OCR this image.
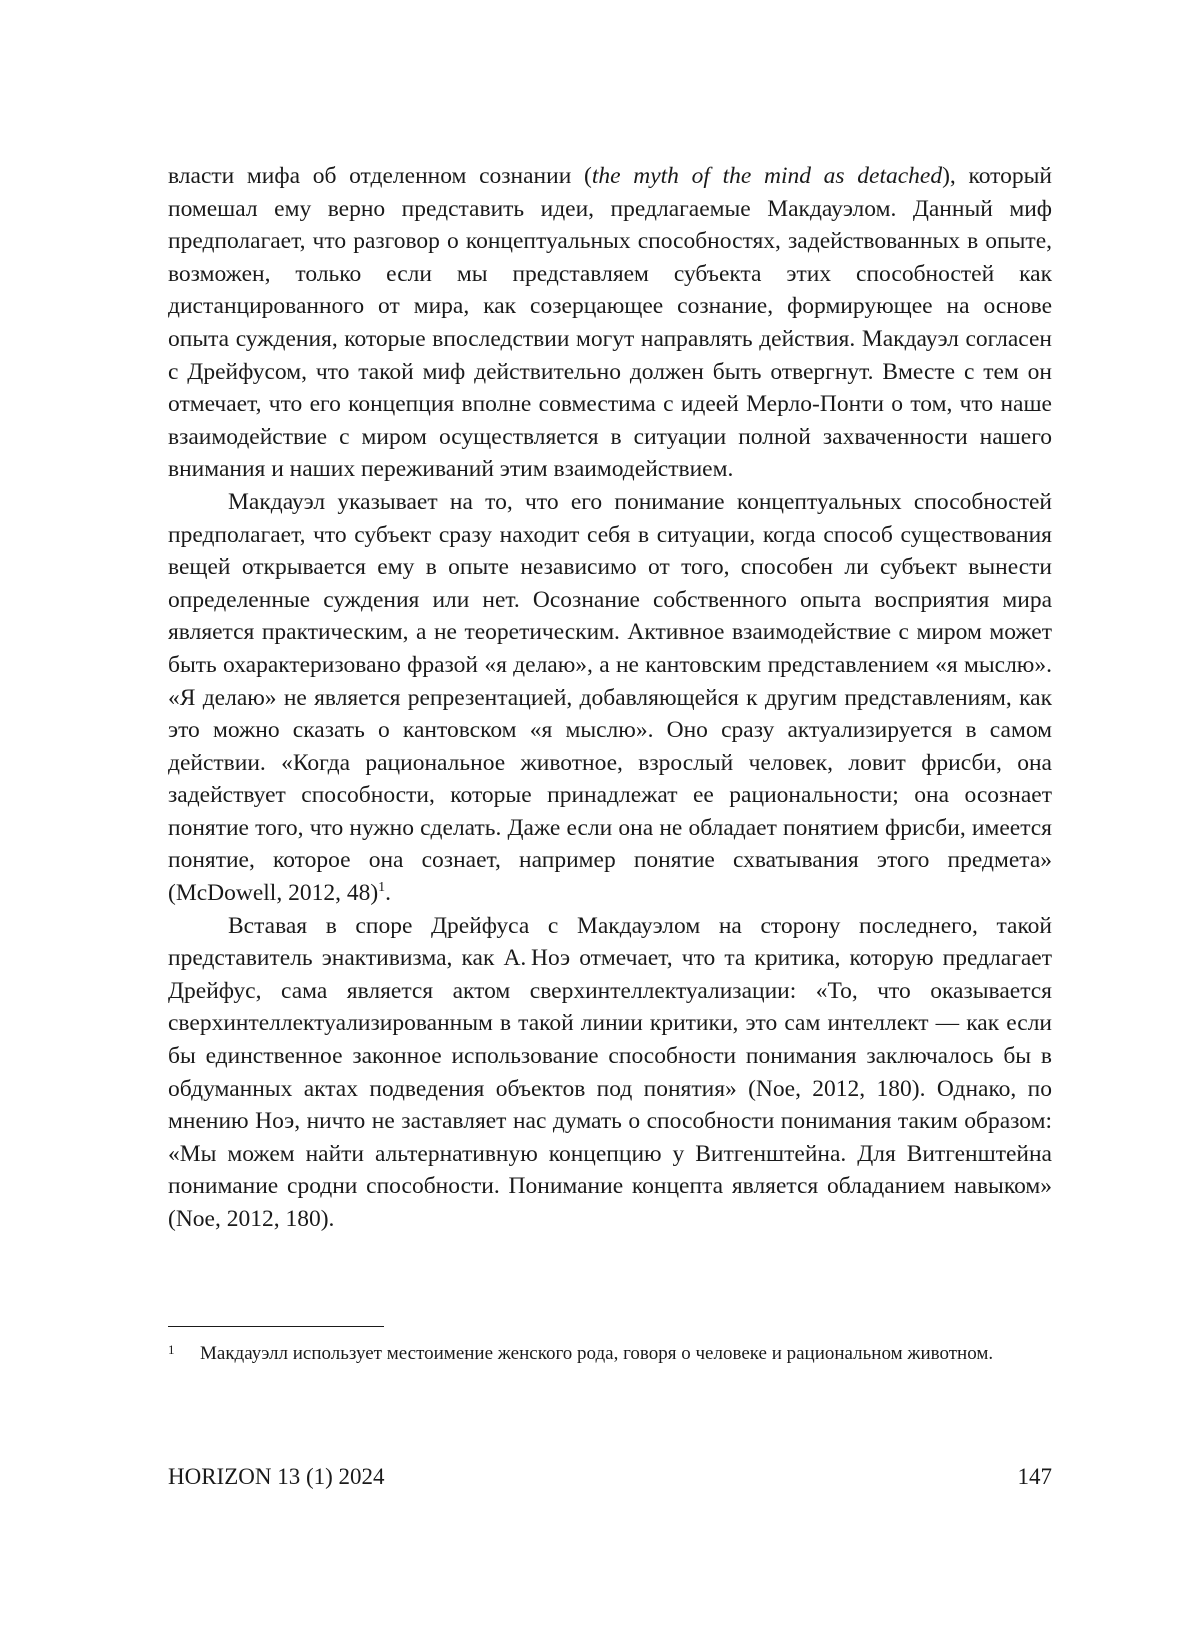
власти мифа об отделенном сознании (the myth of the mind as detached), который помешал ему верно представить идеи, предлагаемые Макдауэлом. Данный миф предполагает, что разговор о концептуальных способностях, задействованных в опыте, возможен, только если мы представляем субъекта этих способностей как дистанцированного от мира, как созерцающее сознание, формирующее на основе опыта суждения, которые впоследствии могут направлять действия. Макдауэл согласен с Дрейфусом, что такой миф действительно должен быть отвергнут. Вместе с тем он отмечает, что его концепция вполне совместима с идеей Мерло-Понти о том, что наше взаимодействие с миром осуществляется в ситуации полной захваченности нашего внимания и наших переживаний этим взаимодействием.

Макдауэл указывает на то, что его понимание концептуальных способностей предполагает, что субъект сразу находит себя в ситуации, когда способ существования вещей открывается ему в опыте независимо от того, способен ли субъект вынести определенные суждения или нет. Осознание собственного опыта восприятия мира является практическим, а не теоретическим. Активное взаимодействие с миром может быть охарактеризовано фразой «я делаю», а не кантовским представлением «я мыслю». «Я делаю» не является репрезентацией, добавляющейся к другим представлениям, как это можно сказать о кантовском «я мыслю». Оно сразу актуализируется в самом действии. «Когда рациональное животное, взрослый человек, ловит фрисби, она задействует способности, которые принадлежат ее рациональности; она осознает понятие того, что нужно сделать. Даже если она не обладает понятием фрисби, имеется понятие, которое она сознает, например понятие схватывания этого предмета» (McDowell, 2012, 48)$^1$.

Вставая в споре Дрейфуса с Макдауэлом на сторону последнего, такой представитель энактивизма, как А. Ноэ отмечает, что та критика, которую предлагает Дрейфус, сама является актом сверхинтеллектуализации: «То, что оказывается сверхинтеллектуализированным в такой линии критики, это сам интеллект — как если бы единственное законное использование способности понимания заключалось бы в обдуманных актах подведения объектов под понятия» (Noe, 2012, 180). Однако, по мнению Ноэ, ничто не заставляет нас думать о способности понимания таким образом: «Мы можем найти альтернативную концепцию у Витгенштейна. Для Витгенштейна понимание сродни способности. Понимание концепта является обладанием навыком» (Noe, 2012, 180).

1	Макдауэлл использует местоимение женского рода, говоря о человеке и рациональном животном.
HORIZON 13 (1) 2024	147
